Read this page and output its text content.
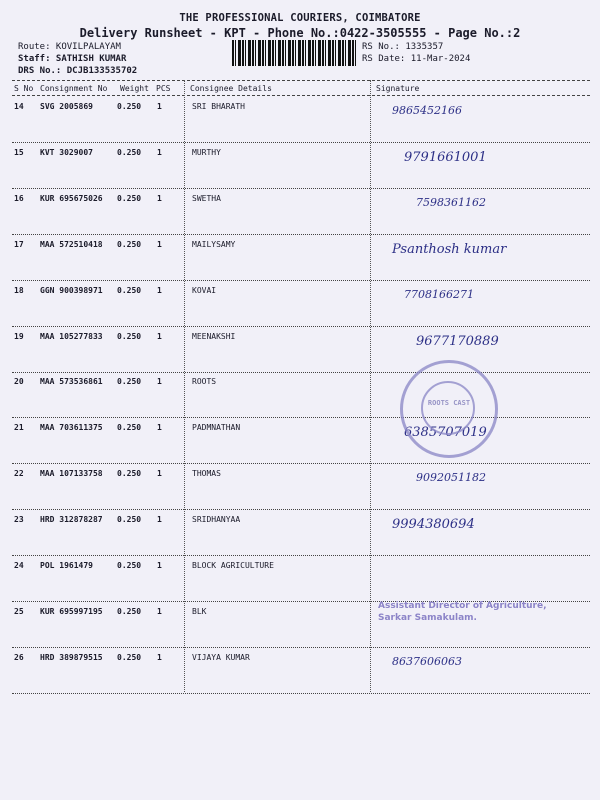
THE PROFESSIONAL COURIERS, COIMBATORE
Delivery Runsheet - KPT - Phone No.:0422-3505555 - Page No.:2
Route: KOVILPALAYAM
Staff: SATHISH KUMAR
DRS No.: DCJB133535702
RS No.: 1335357
RS Date: 11-Mar-2024
S No Consignment No Weight PCS Consignee Details	Signature
14 SVG 2005869	0.250 1	SRI BHARATH	9865452166
15 KVT 3029007	0.250 1	MURTHY	9791661001
16 KUR 695675026 0.250 1	SWETHA	7598361162
17 MAA 572510418 0.250 1	MAILYSAMY	Psanthosh kumar
18 GGN 900398971 0.250 1	KOVAI	7708166271
19 MAA 105277833 0.250 1	MEENAKSHI	9677170889
20 MAA 573536861 0.250 1	ROOTS
21 MAA 703611375 0.250 1	PADMNATHAN	6385707019
22 MAA 107133758 0.250 1	THOMAS	9092051182
23 HRD 312878287 0.250 1	SRIDHANYAA	9994380694
24 POL 1961479	0.250 1	BLOCK AGRICULTURE
25 KUR 695997195 0.250 1	BLK
26 HRD 389879515 0.250 1	VIJAYA KUMAR	8637606063
ROOTS CAST
Assistant Director of Agriculture,
Sarkar Samakulam.
